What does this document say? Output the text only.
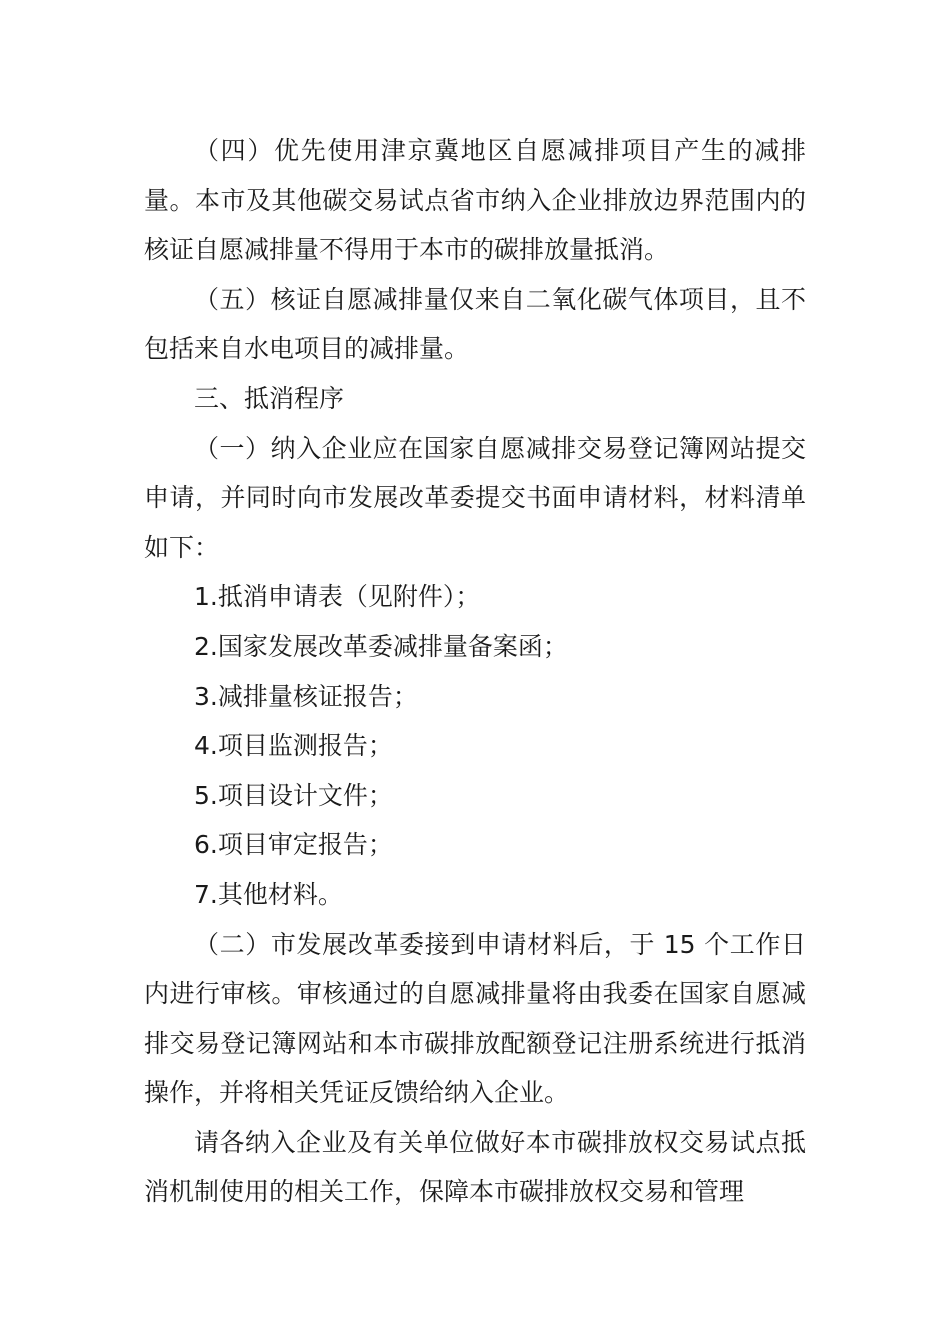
（四）优先使用津京冀地区自愿减排项目产生的减排量。本市及其他碳交易试点省市纳入企业排放边界范围内的核证自愿减排量不得用于本市的碳排放量抵消。

（五）核证自愿减排量仅来自二氧化碳气体项目，且不包括来自水电项目的减排量。

三、抵消程序

（一）纳入企业应在国家自愿减排交易登记簿网站提交申请，并同时向市发展改革委提交书面申请材料，材料清单如下：

1.抵消申请表（见附件）；

2.国家发展改革委减排量备案函；

3.减排量核证报告；

4.项目监测报告；

5.项目设计文件；

6.项目审定报告；

7.其他材料。

（二）市发展改革委接到申请材料后，于 15 个工作日内进行审核。审核通过的自愿减排量将由我委在国家自愿减排交易登记簿网站和本市碳排放配额登记注册系统进行抵消操作，并将相关凭证反馈给纳入企业。

请各纳入企业及有关单位做好本市碳排放权交易试点抵消机制使用的相关工作，保障本市碳排放权交易和管理
